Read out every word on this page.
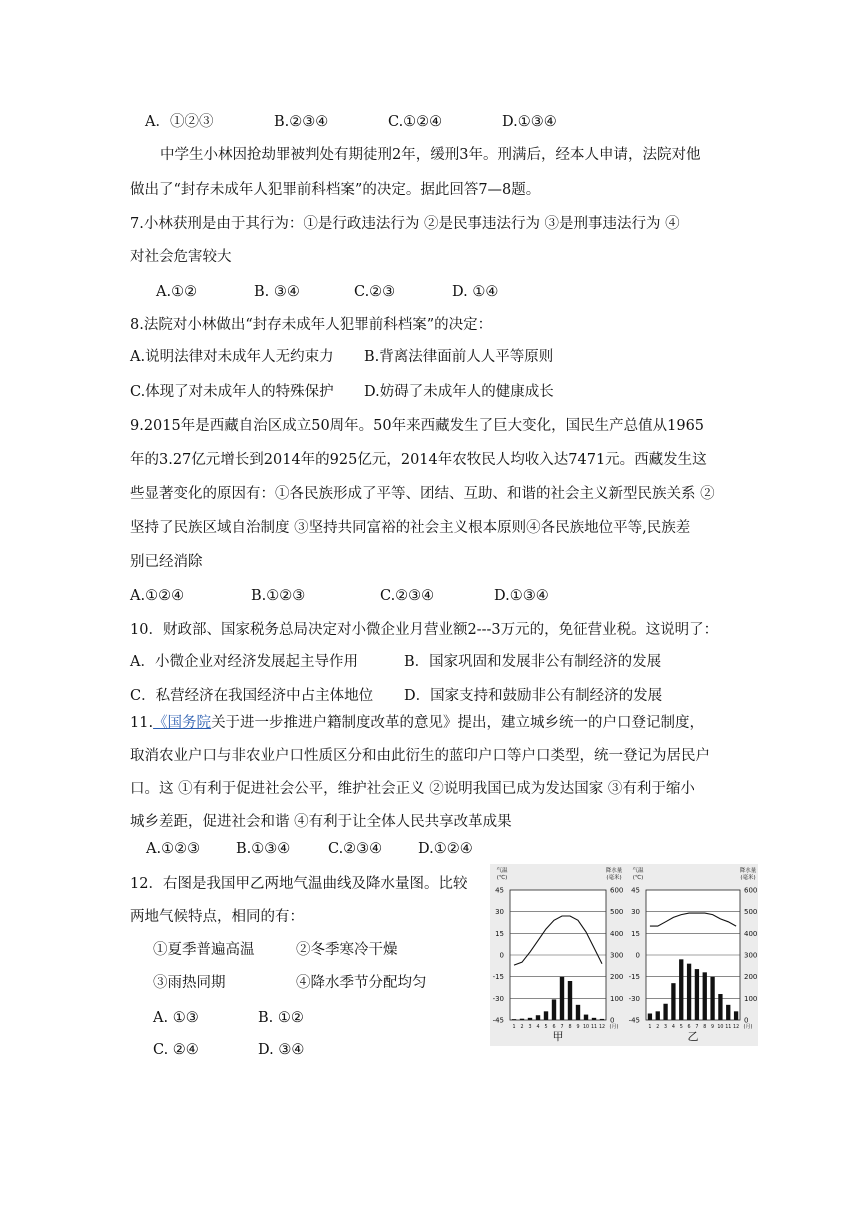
A．①②③	B.②③④	C.①②④	D.①③④
中学生小林因抢劫罪被判处有期徒刑2年，缓刑3年。刑满后，经本人申请，法院对他
做出了“封存未成年人犯罪前科档案”的决定。据此回答7—8题。
7.小林获刑是由于其行为：①是行政违法行为 ②是民事违法行为 ③是刑事违法行为 ④
对社会危害较大
A.①②	B. ③④	C.②③	D. ①④
8.法院对小林做出“封存未成年人犯罪前科档案”的决定：
A.说明法律对未成年人无约束力 B.背离法律面前人人平等原则
C.体现了对未成年人的特殊保护 D.妨碍了未成年人的健康成长
9.2015年是西藏自治区成立50周年。50年来西藏发生了巨大变化，国民生产总值从1965
年的3.27亿元增长到2014年的925亿元，2014年农牧民人均收入达7471元。西藏发生这
些显著变化的原因有：①各民族形成了平等、团结、互助、和谐的社会主义新型民族关系 ②
坚持了民族区域自治制度 ③坚持共同富裕的社会主义根本原则④各民族地位平等,民族差
别已经消除
A.①②④	B.①②③	C.②③④	D.①③④
10．财政部、国家税务总局决定对小微企业月营业额2---3万元的，免征营业税。这说明了：
A．小微企业对经济发展起主导作用	B．国家巩固和发展非公有制经济的发展
C．私营经济在我国经济中占主体地位 D．国家支持和鼓励非公有制经济的发展
11.《国务院关于进一步推进户籍制度改革的意见》提出，建立城乡统一的户口登记制度，
取消农业户口与非农业户口性质区分和由此衍生的蓝印户口等户口类型，统一登记为居民户
口。这 ①有利于促进社会公平，维护社会正义 ②说明我国已成为发达国家 ③有利于缩小
城乡差距，促进社会和谐 ④有利于让全体人民共享改革成果
A.①②③ B.①③④	C.②③④ D.①②④
12．右图是我国甲乙两地气温曲线及降水量图。比较
两地气候特点，相同的有：
①夏季普遍高温	②冬季寒冷干燥
③雨热同期	④降水季节分配均匀
A. ①③	B. ①②
C. ②④	D. ③④
气温
(℃)
降水量
(毫米)
45	600
30	500
15	400
0	300
-15	200
-30	100
-45	0
1 2 3 4 5 6 7 8 9 10 11 12 (月)
甲
气温
(℃)
降水量
(毫米)
45	600
30	500
15	400
0	300
-15	200
-30	100
-45	0
1 2 3 4 5 6 7 8 9 10 11 12 (月)
乙
